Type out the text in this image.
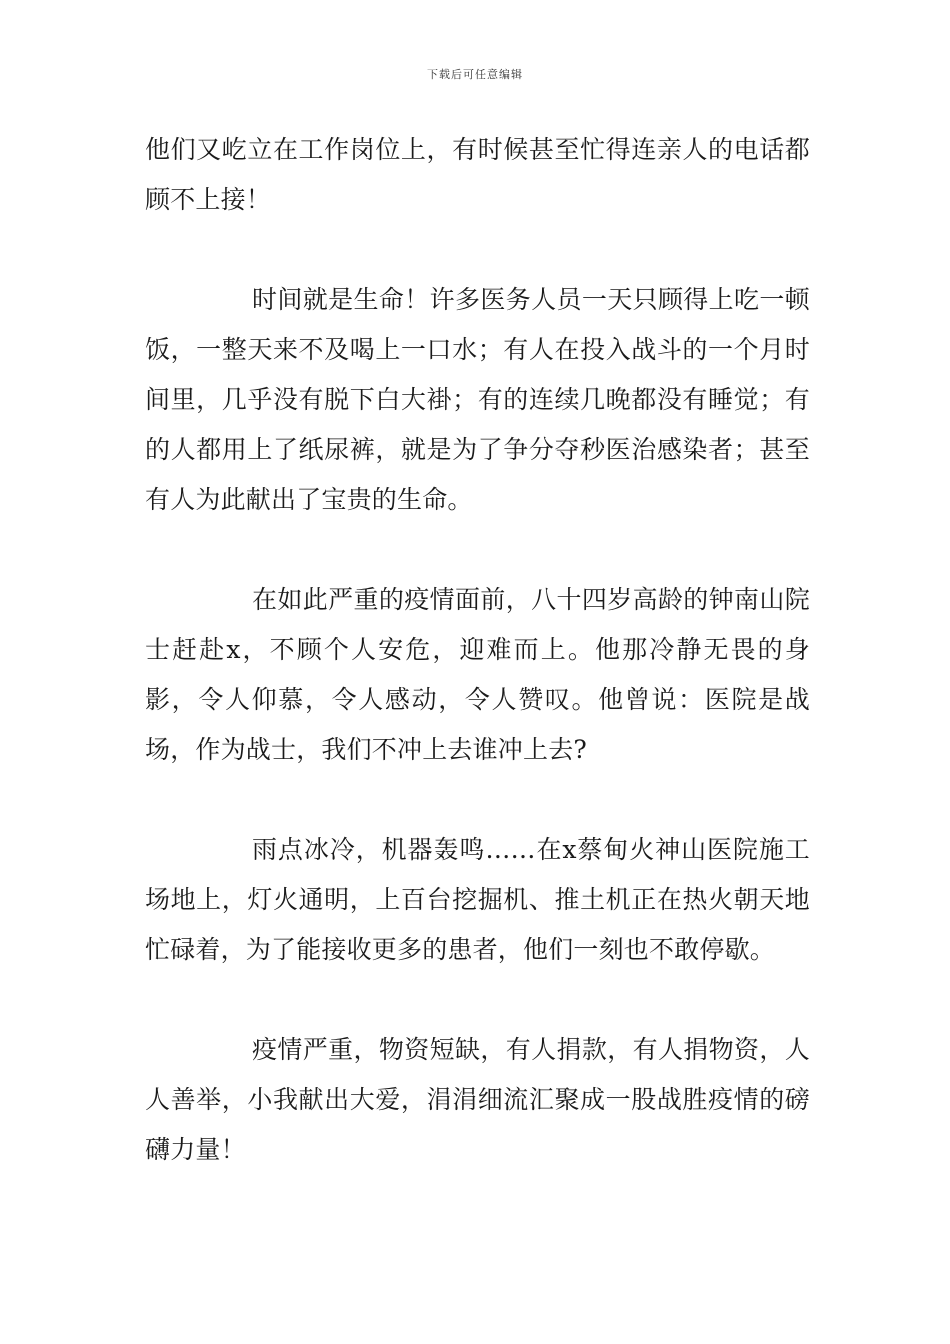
下载后可任意编辑

他们又屹立在工作岗位上，有时候甚至忙得连亲人的电话都顾不上接！

时间就是生命！许多医务人员一天只顾得上吃一顿饭，一整天来不及喝上一口水；有人在投入战斗的一个月时间里，几乎没有脱下白大褂；有的连续几晚都没有睡觉；有的人都用上了纸尿裤，就是为了争分夺秒医治感染者；甚至有人为此献出了宝贵的生命。

在如此严重的疫情面前，八十四岁高龄的钟南山院士赶赴x，不顾个人安危，迎难而上。他那冷静无畏的身影，令人仰慕，令人感动，令人赞叹。他曾说：医院是战场，作为战士，我们不冲上去谁冲上去?

雨点冰冷，机器轰鸣……在x蔡甸火神山医院施工场地上，灯火通明，上百台挖掘机、推土机正在热火朝天地忙碌着，为了能接收更多的患者，他们一刻也不敢停歇。

疫情严重，物资短缺，有人捐款，有人捐物资，人人善举，小我献出大爱，涓涓细流汇聚成一股战胜疫情的磅礴力量！
